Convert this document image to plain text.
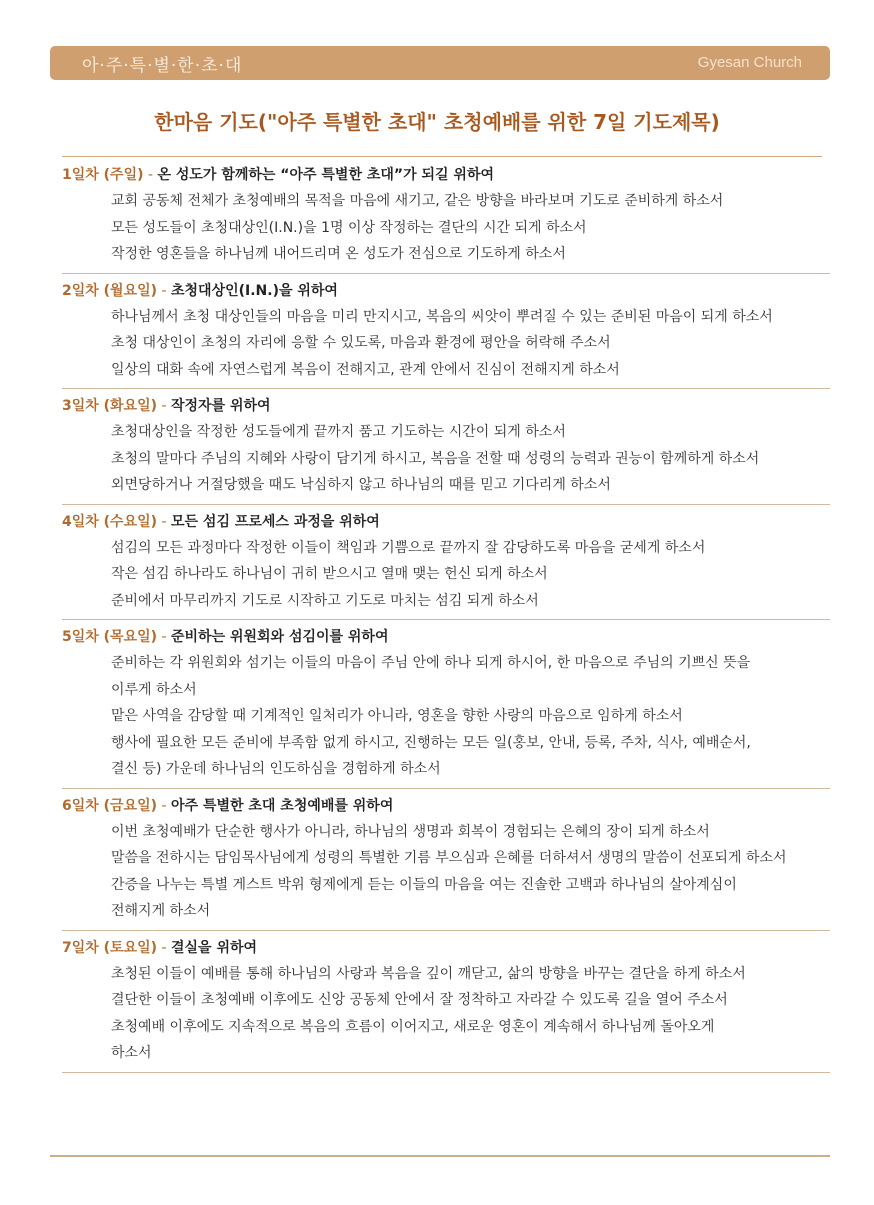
아·주·특·별·한·초·대	Gyesan Church
한마음 기도("아주 특별한 초대" 초청예배를 위한 7일 기도제목)
1일차 (주일) - 온 성도가 함께하는 “아주 특별한 초대”가 되길 위하여
교회 공동체 전체가 초청예배의 목적을 마음에 새기고, 같은 방향을 바라보며 기도로 준비하게 하소서
모든 성도들이 초청대상인(I.N.)을 1명 이상 작정하는 결단의 시간 되게 하소서
작정한 영혼들을 하나님께 내어드리며 온 성도가 전심으로 기도하게 하소서
2일차 (월요일) - 초청대상인(I.N.)을 위하여
하나님께서 초청 대상인들의 마음을 미리 만지시고, 복음의 씨앗이 뿌려질 수 있는 준비된 마음이 되게 하소서
초청 대상인이 초청의 자리에 응할 수 있도록, 마음과 환경에 평안을 허락해 주소서
일상의 대화 속에 자연스럽게 복음이 전해지고, 관계 안에서 진심이 전해지게 하소서
3일차 (화요일) - 작정자를 위하여
초청대상인을 작정한 성도들에게 끝까지 품고 기도하는 시간이 되게 하소서
초청의 말마다 주님의 지혜와 사랑이 담기게 하시고, 복음을 전할 때 성령의 능력과 권능이 함께하게 하소서
외면당하거나 거절당했을 때도 낙심하지 않고 하나님의 때를 믿고 기다리게 하소서
4일차 (수요일) - 모든 섬김 프로세스 과정을 위하여
섬김의 모든 과정마다 작정한 이들이 책임과 기쁨으로 끝까지 잘 감당하도록 마음을 굳세게 하소서
작은 섬김 하나라도 하나님이 귀히 받으시고 열매 맺는 헌신 되게 하소서
준비에서 마무리까지 기도로 시작하고 기도로 마치는 섬김 되게 하소서
5일차 (목요일) - 준비하는 위원회와 섬김이를 위하여
준비하는 각 위원회와 섬기는 이들의 마음이 주님 안에 하나 되게 하시어, 한 마음으로 주님의 기쁘신 뜻을
이루게 하소서
맡은 사역을 감당할 때 기계적인 일처리가 아니라, 영혼을 향한 사랑의 마음으로 임하게 하소서
행사에 필요한 모든 준비에 부족함 없게 하시고, 진행하는 모든 일(홍보, 안내, 등록, 주차, 식사, 예배순서,
결신 등) 가운데 하나님의 인도하심을 경험하게 하소서
6일차 (금요일) - 아주 특별한 초대 초청예배를 위하여
이번 초청예배가 단순한 행사가 아니라, 하나님의 생명과 회복이 경험되는 은혜의 장이 되게 하소서
말씀을 전하시는 담임목사님에게 성령의 특별한 기름 부으심과 은혜를 더하셔서 생명의 말씀이 선포되게 하소서
간증을 나누는 특별 게스트 박위 형제에게 듣는 이들의 마음을 여는 진솔한 고백과 하나님의 살아계심이
전해지게 하소서
7일차 (토요일) - 결실을 위하여
초청된 이들이 예배를 통해 하나님의 사랑과 복음을 깊이 깨닫고, 삶의 방향을 바꾸는 결단을 하게 하소서
결단한 이들이 초청예배 이후에도 신앙 공동체 안에서 잘 정착하고 자라갈 수 있도록 길을 열어 주소서
초청예배 이후에도 지속적으로 복음의 흐름이 이어지고, 새로운 영혼이 계속해서 하나님께 돌아오게
하소서
